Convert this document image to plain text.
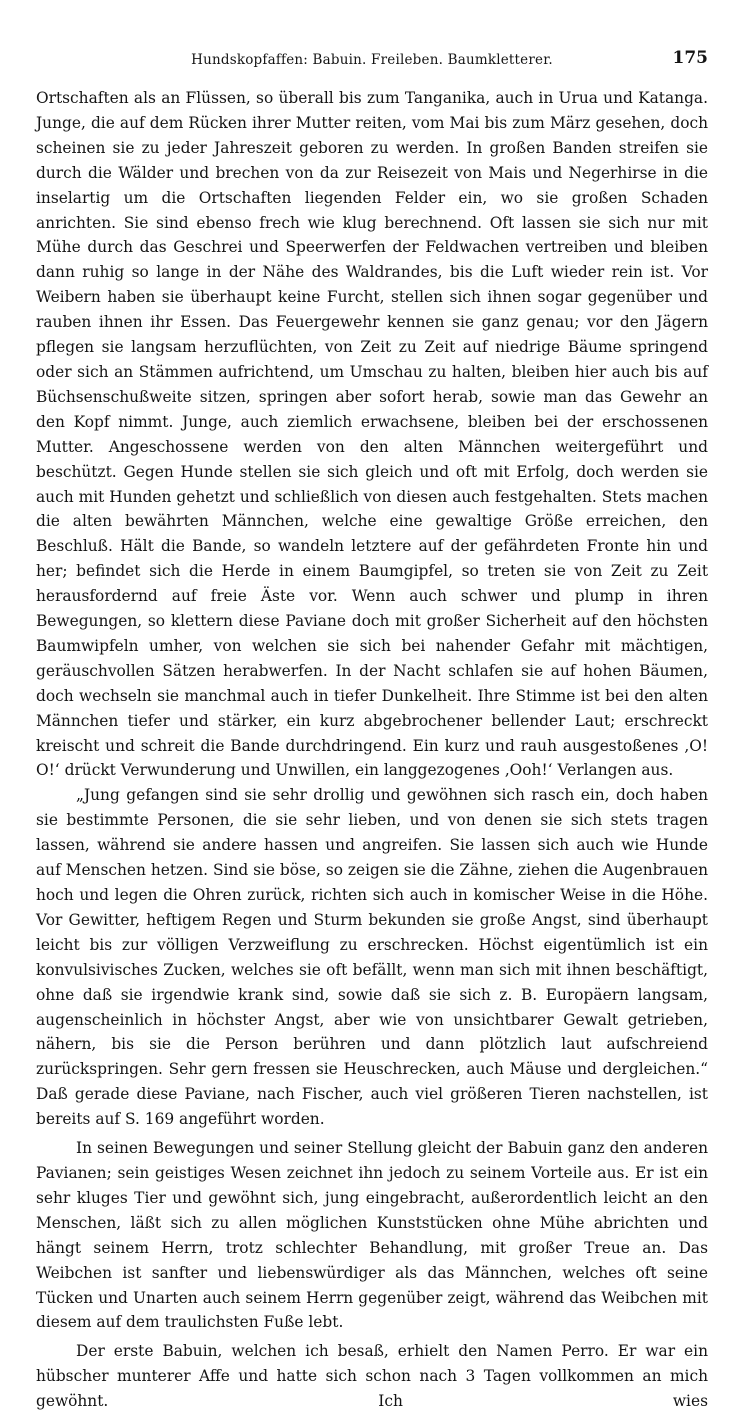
Hundskopfaffen: Babuin. Freileben. Baumkletterer.	175

Ortschaften als an Flüssen, so überall bis zum Tanganika, auch in Urua und Katanga. Junge, die auf dem Rücken ihrer Mutter reiten, vom Mai bis zum März gesehen, doch scheinen sie zu jeder Jahreszeit geboren zu werden. In großen Banden streifen sie durch die Wälder und brechen von da zur Reisezeit von Mais und Negerhirse in die inselartig um die Ortschaften liegenden Felder ein, wo sie großen Schaden anrichten. Sie sind ebenso frech wie klug berechnend. Oft lassen sie sich nur mit Mühe durch das Geschrei und Speerwerfen der Feldwachen vertreiben und bleiben dann ruhig so lange in der Nähe des Waldrandes, bis die Luft wieder rein ist. Vor Weibern haben sie überhaupt keine Furcht, stellen sich ihnen sogar gegenüber und rauben ihnen ihr Essen. Das Feuergewehr kennen sie ganz genau; vor den Jägern pflegen sie langsam herzuflüchten, von Zeit zu Zeit auf niedrige Bäume springend oder sich an Stämmen aufrichtend, um Umschau zu halten, bleiben hier auch bis auf Büchsenschußweite sitzen, springen aber sofort herab, sowie man das Gewehr an den Kopf nimmt. Junge, auch ziemlich erwachsene, bleiben bei der erschossenen Mutter. Angeschossene werden von den alten Männchen weitergeführt und beschützt. Gegen Hunde stellen sie sich gleich und oft mit Erfolg, doch werden sie auch mit Hunden gehetzt und schließlich von diesen auch festgehalten. Stets machen die alten bewährten Männchen, welche eine gewaltige Größe erreichen, den Beschluß. Hält die Bande, so wandeln letztere auf der gefährdeten Fronte hin und her; befindet sich die Herde in einem Baumgipfel, so treten sie von Zeit zu Zeit herausfordernd auf freie Äste vor. Wenn auch schwer und plump in ihren Bewegungen, so klettern diese Paviane doch mit großer Sicherheit auf den höchsten Baumwipfeln umher, von welchen sie sich bei nahender Gefahr mit mächtigen, geräuschvollen Sätzen herabwerfen. In der Nacht schlafen sie auf hohen Bäumen, doch wechseln sie manchmal auch in tiefer Dunkelheit. Ihre Stimme ist bei den alten Männchen tiefer und stärker, ein kurz abgebrochener bellender Laut; erschreckt kreischt und schreit die Bande durchdringend. Ein kurz und rauh ausgestoßenes ‚O! O!‘ drückt Verwunderung und Unwillen, ein langgezogenes ‚Ooh!‘ Verlangen aus.

„Jung gefangen sind sie sehr drollig und gewöhnen sich rasch ein, doch haben sie bestimmte Personen, die sie sehr lieben, und von denen sie sich stets tragen lassen, während sie andere hassen und angreifen. Sie lassen sich auch wie Hunde auf Menschen hetzen. Sind sie böse, so zeigen sie die Zähne, ziehen die Augenbrauen hoch und legen die Ohren zurück, richten sich auch in komischer Weise in die Höhe. Vor Gewitter, heftigem Regen und Sturm bekunden sie große Angst, sind überhaupt leicht bis zur völligen Verzweiflung zu erschrecken. Höchst eigentümlich ist ein konvulsivisches Zucken, welches sie oft befällt, wenn man sich mit ihnen beschäftigt, ohne daß sie irgendwie krank sind, sowie daß sie sich z. B. Europäern langsam, augenscheinlich in höchster Angst, aber wie von unsichtbarer Gewalt getrieben, nähern, bis sie die Person berühren und dann plötzlich laut aufschreiend zurückspringen. Sehr gern fressen sie Heuschrecken, auch Mäuse und dergleichen.“ Daß gerade diese Paviane, nach Fischer, auch viel größeren Tieren nachstellen, ist bereits auf S. 169 angeführt worden.

In seinen Bewegungen und seiner Stellung gleicht der Babuin ganz den anderen Pavianen; sein geistiges Wesen zeichnet ihn jedoch zu seinem Vorteile aus. Er ist ein sehr kluges Tier und gewöhnt sich, jung eingebracht, außerordentlich leicht an den Menschen, läßt sich zu allen möglichen Kunststücken ohne Mühe abrichten und hängt seinem Herrn, trotz schlechter Behandlung, mit großer Treue an. Das Weibchen ist sanfter und liebenswürdiger als das Männchen, welches oft seine Tücken und Unarten auch seinem Herrn gegenüber zeigt, während das Weibchen mit diesem auf dem traulichsten Fuße lebt.

Der erste Babuin, welchen ich besaß, erhielt den Namen Perro. Er war ein hübscher munterer Affe und hatte sich schon nach 3 Tagen vollkommen an mich gewöhnt. Ich wies
